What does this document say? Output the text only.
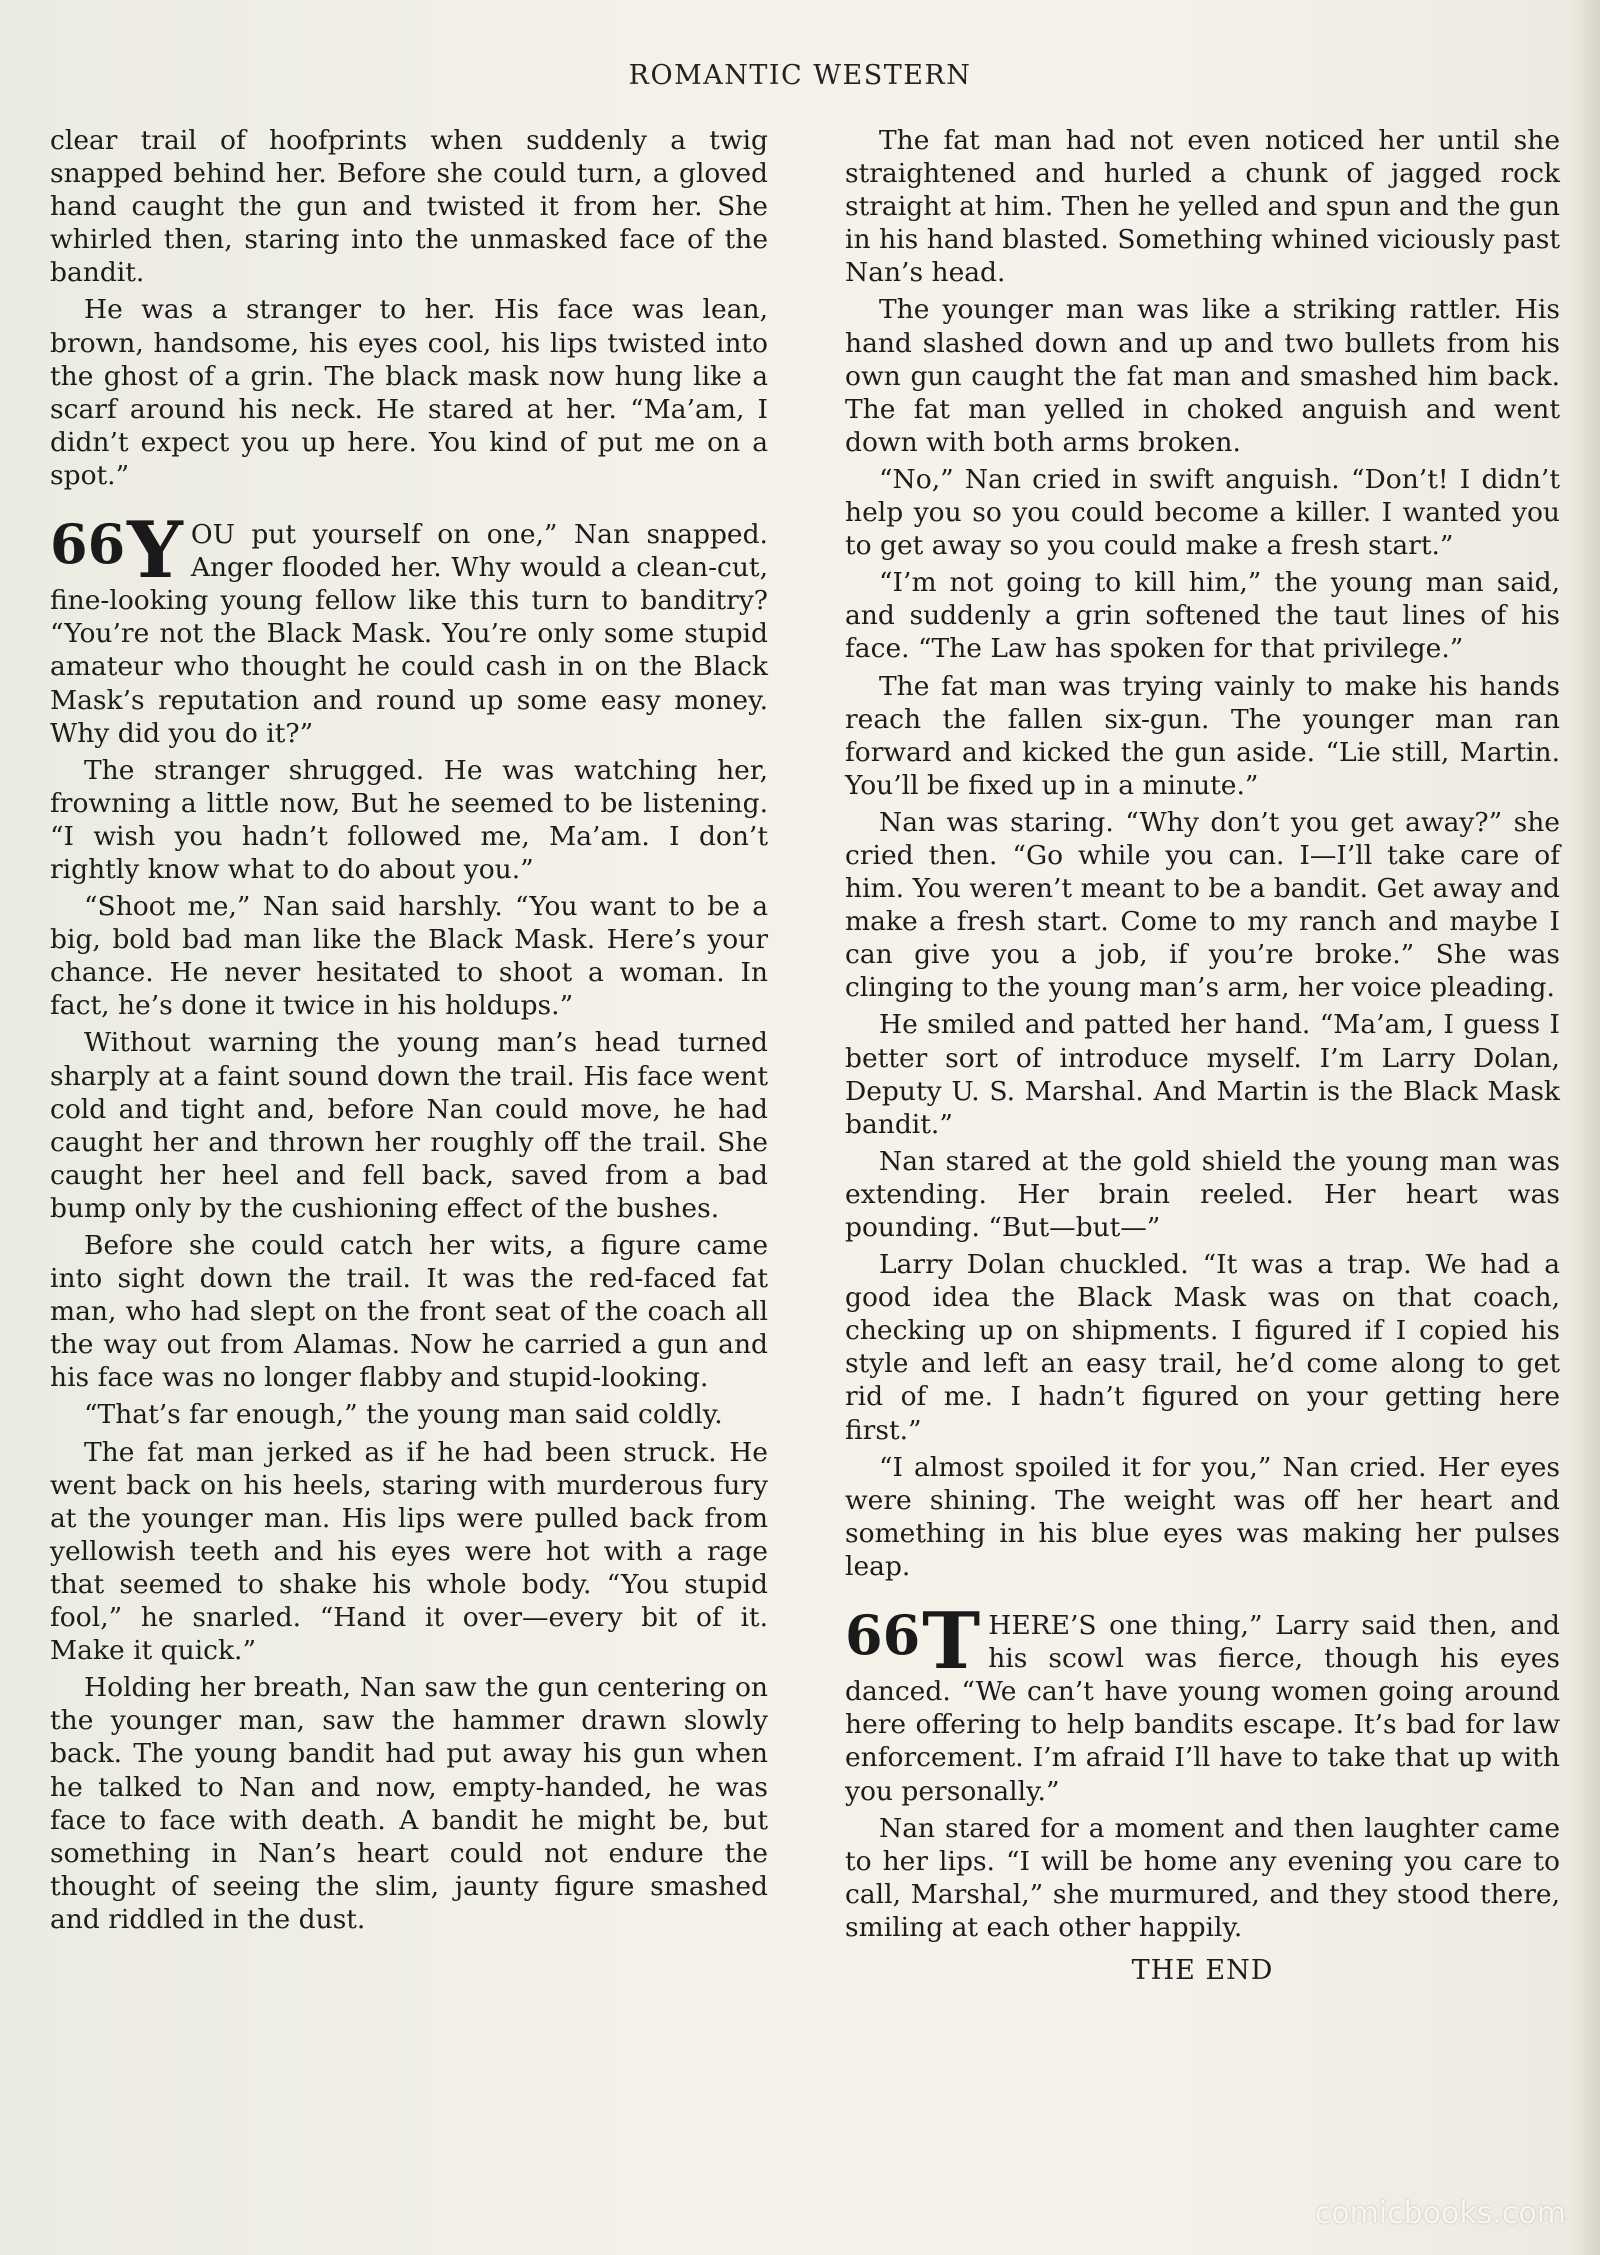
ROMANTIC WESTERN

clear trail of hoofprints when suddenly a twig snapped behind her. Before she could turn, a gloved hand caught the gun and twisted it from her. She whirled then, staring into the unmasked face of the bandit.

He was a stranger to her. His face was lean, brown, handsome, his eyes cool, his lips twisted into the ghost of a grin. The black mask now hung like a scarf around his neck. He stared at her. “Ma’am, I didn’t expect you up here. You kind of put me on a spot.”

66 Y OU put yourself on one,” Nan snapped. Anger flooded her. Why would a clean-cut, fine-looking young fellow like this turn to banditry? “You’re not the Black Mask. You’re only some stupid amateur who thought he could cash in on the Black Mask’s reputation and round up some easy money. Why did you do it?”

The stranger shrugged. He was watching her, frowning a little now, But he seemed to be listening. “I wish you hadn’t followed me, Ma’am. I don’t rightly know what to do about you.”

“Shoot me,” Nan said harshly. “You want to be a big, bold bad man like the Black Mask. Here’s your chance. He never hesitated to shoot a woman. In fact, he’s done it twice in his holdups.”

Without warning the young man’s head turned sharply at a faint sound down the trail. His face went cold and tight and, before Nan could move, he had caught her and thrown her roughly off the trail. She caught her heel and fell back, saved from a bad bump only by the cushioning effect of the bushes.

Before she could catch her wits, a figure came into sight down the trail. It was the red-faced fat man, who had slept on the front seat of the coach all the way out from Alamas. Now he carried a gun and his face was no longer flabby and stupid-looking.

“That’s far enough,” the young man said coldly.

The fat man jerked as if he had been struck. He went back on his heels, staring with murderous fury at the younger man. His lips were pulled back from yellowish teeth and his eyes were hot with a rage that seemed to shake his whole body. “You stupid fool,” he snarled. “Hand it over—every bit of it. Make it quick.”

Holding her breath, Nan saw the gun centering on the younger man, saw the hammer drawn slowly back. The young bandit had put away his gun when he talked to Nan and now, empty-handed, he was face to face with death. A bandit he might be, but something in Nan’s heart could not endure the thought of seeing the slim, jaunty figure smashed and riddled in the dust.

The fat man had not even noticed her until she straightened and hurled a chunk of jagged rock straight at him. Then he yelled and spun and the gun in his hand blasted. Something whined viciously past Nan’s head.

The younger man was like a striking rattler. His hand slashed down and up and two bullets from his own gun caught the fat man and smashed him back. The fat man yelled in choked anguish and went down with both arms broken.

“No,” Nan cried in swift anguish. “Don’t! I didn’t help you so you could become a killer. I wanted you to get away so you could make a fresh start.”

“I’m not going to kill him,” the young man said, and suddenly a grin softened the taut lines of his face. “The Law has spoken for that privilege.”

The fat man was trying vainly to make his hands reach the fallen six-gun. The younger man ran forward and kicked the gun aside. “Lie still, Martin. You’ll be fixed up in a minute.”

Nan was staring. “Why don’t you get away?” she cried then. “Go while you can. I—I’ll take care of him. You weren’t meant to be a bandit. Get away and make a fresh start. Come to my ranch and maybe I can give you a job, if you’re broke.” She was clinging to the young man’s arm, her voice pleading.

He smiled and patted her hand. “Ma’am, I guess I better sort of introduce myself. I’m Larry Dolan, Deputy U. S. Marshal. And Martin is the Black Mask bandit.”

Nan stared at the gold shield the young man was extending. Her brain reeled. Her heart was pounding. “But—but—”

Larry Dolan chuckled. “It was a trap. We had a good idea the Black Mask was on that coach, checking up on shipments. I figured if I copied his style and left an easy trail, he’d come along to get rid of me. I hadn’t figured on your getting here first.”

“I almost spoiled it for you,” Nan cried. Her eyes were shining. The weight was off her heart and something in his blue eyes was making her pulses leap.

66 T HERE’S one thing,” Larry said then, and his scowl was fierce, though his eyes danced. “We can’t have young women going around here offering to help bandits escape. It’s bad for law enforcement. I’m afraid I’ll have to take that up with you personally.”

Nan stared for a moment and then laughter came to her lips. “I will be home any evening you care to call, Marshal,” she murmured, and they stood there, smiling at each other happily.

THE END
comicbooks.com
